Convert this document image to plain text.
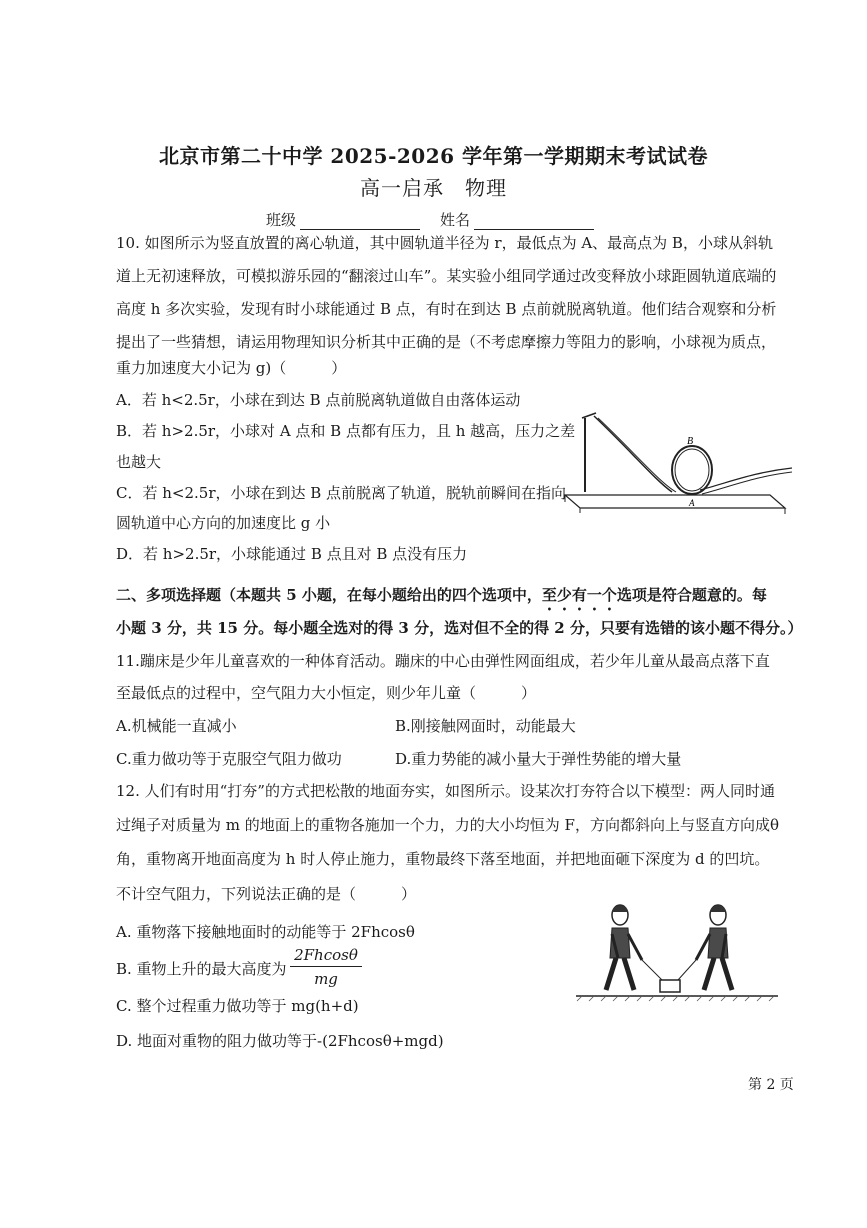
北京市第二十中学 2025-2026 学年第一学期期末考试试卷
高一启承　物理
班级	姓名
10. 如图所示为竖直放置的离心轨道，其中圆轨道半径为 r，最低点为 A、最高点为 B，小球从斜轨
道上无初速释放，可模拟游乐园的“翻滚过山车”。某实验小组同学通过改变释放小球距圆轨道底端的
高度 h 多次实验，发现有时小球能通过 B 点，有时在到达 B 点前就脱离轨道。他们结合观察和分析
提出了一些猜想，请运用物理知识分析其中正确的是（不考虑摩擦力等阻力的影响，小球视为质点，
重力加速度大小记为 g)（　　　）
A．若 h<2.5r，小球在到达 B 点前脱离轨道做自由落体运动
B．若 h>2.5r，小球对 A 点和 B 点都有压力，且 h 越高，压力之差
也越大
C．若 h<2.5r，小球在到达 B 点前脱离了轨道，脱轨前瞬间在指向
圆轨道中心方向的加速度比 g 小
D．若 h>2.5r，小球能通过 B 点且对 B 点没有压力
B
A
二、多项选择题（本题共 5 小题，在每小题给出的四个选项中，至少有一个选项是符合题意的。每
小题 3 分，共 15 分。每小题全选对的得 3 分，选对但不全的得 2 分，只要有选错的该小题不得分。）
11.蹦床是少年儿童喜欢的一种体育活动。蹦床的中心由弹性网面组成，若少年儿童从最高点落下直
至最低点的过程中，空气阻力大小恒定，则少年儿童（　　　）
A.机械能一直减小	B.刚接触网面时，动能最大
C.重力做功等于克服空气阻力做功	D.重力势能的减小量大于弹性势能的增大量
12. 人们有时用“打夯”的方式把松散的地面夯实，如图所示。设某次打夯符合以下模型：两人同时通
过绳子对质量为 m 的地面上的重物各施加一个力，力的大小均恒为 F，方向都斜向上与竖直方向成θ
角，重物离开地面高度为 h 时人停止施力，重物最终下落至地面，并把地面砸下深度为 d 的凹坑。
不计空气阻力，下列说法正确的是（　　　）
A. 重物落下接触地面时的动能等于 2Fhcosθ
B. 重物上升的最大高度为
$\frac{2Fhcos\theta}{mg}$
C. 整个过程重力做功等于 mg(h+d)
D. 地面对重物的阻力做功等于-(2Fhcosθ+mgd)
第 2 页
